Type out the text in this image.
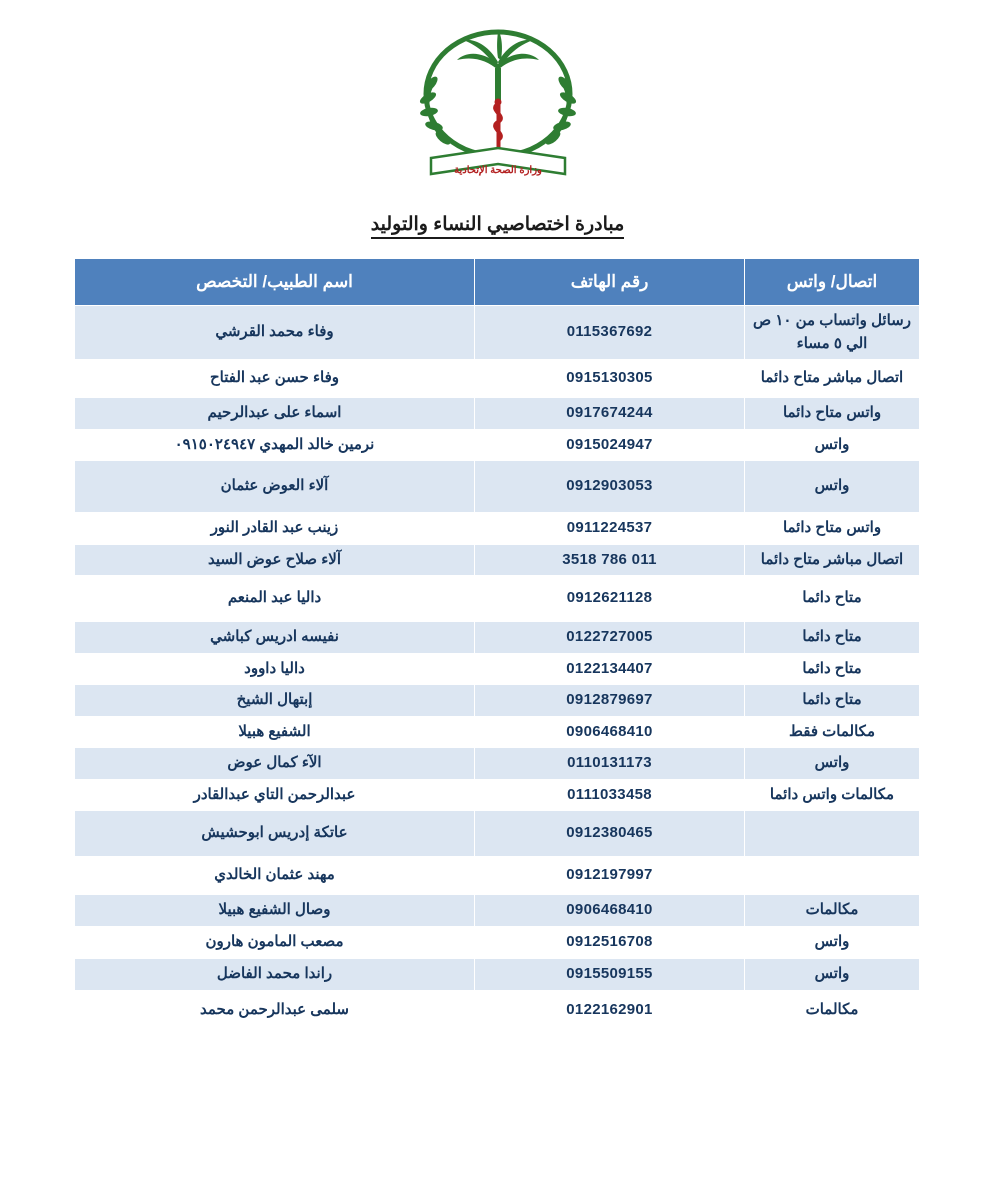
وزارة الصحة الإتحادية
مبادرة اختصاصيي النساء والتوليد
اتصال/ واتس	رقم الهاتف	اسم الطبيب/ التخصص
رسائل واتساب من ١٠ ص الي ٥ مساء	0115367692	وفاء محمد القرشي
اتصال مباشر متاح دائما	0915130305	وفاء حسن عبد الفتاح
واتس متاح دائما	0917674244	اسماء على عبدالرحيم
واتس	0915024947	نرمين خالد المهدي ٠٩١٥٠٢٤٩٤٧
واتس	0912903053	آلاء العوض عثمان
واتس متاح دائما	0911224537	زينب عبد القادر النور
اتصال مباشر متاح دائما	011 786 3518	آلاء صلاح عوض السيد
متاح دائما	0912621128	داليا عبد المنعم
متاح دائما	0122727005	نفيسه ادريس كباشي
متاح دائما	0122134407	داليا داوود
متاح دائما	0912879697	إبتهال الشيخ
مكالمات فقط	0906468410	الشفيع هبيلا
واتس	0110131173	الآء كمال عوض
مكالمات واتس دائما	0111033458	عبدالرحمن التاي عبدالقادر
	0912380465	عاتكة إدريس ابوحشيش
	0912197997	مهند عثمان الخالدي
مكالمات	0906468410	وصال الشفيع هبيلا
واتس	0912516708	مصعب المامون هارون
واتس	0915509155	راندا محمد الفاضل
مكالمات	0122162901	سلمى عبدالرحمن محمد
